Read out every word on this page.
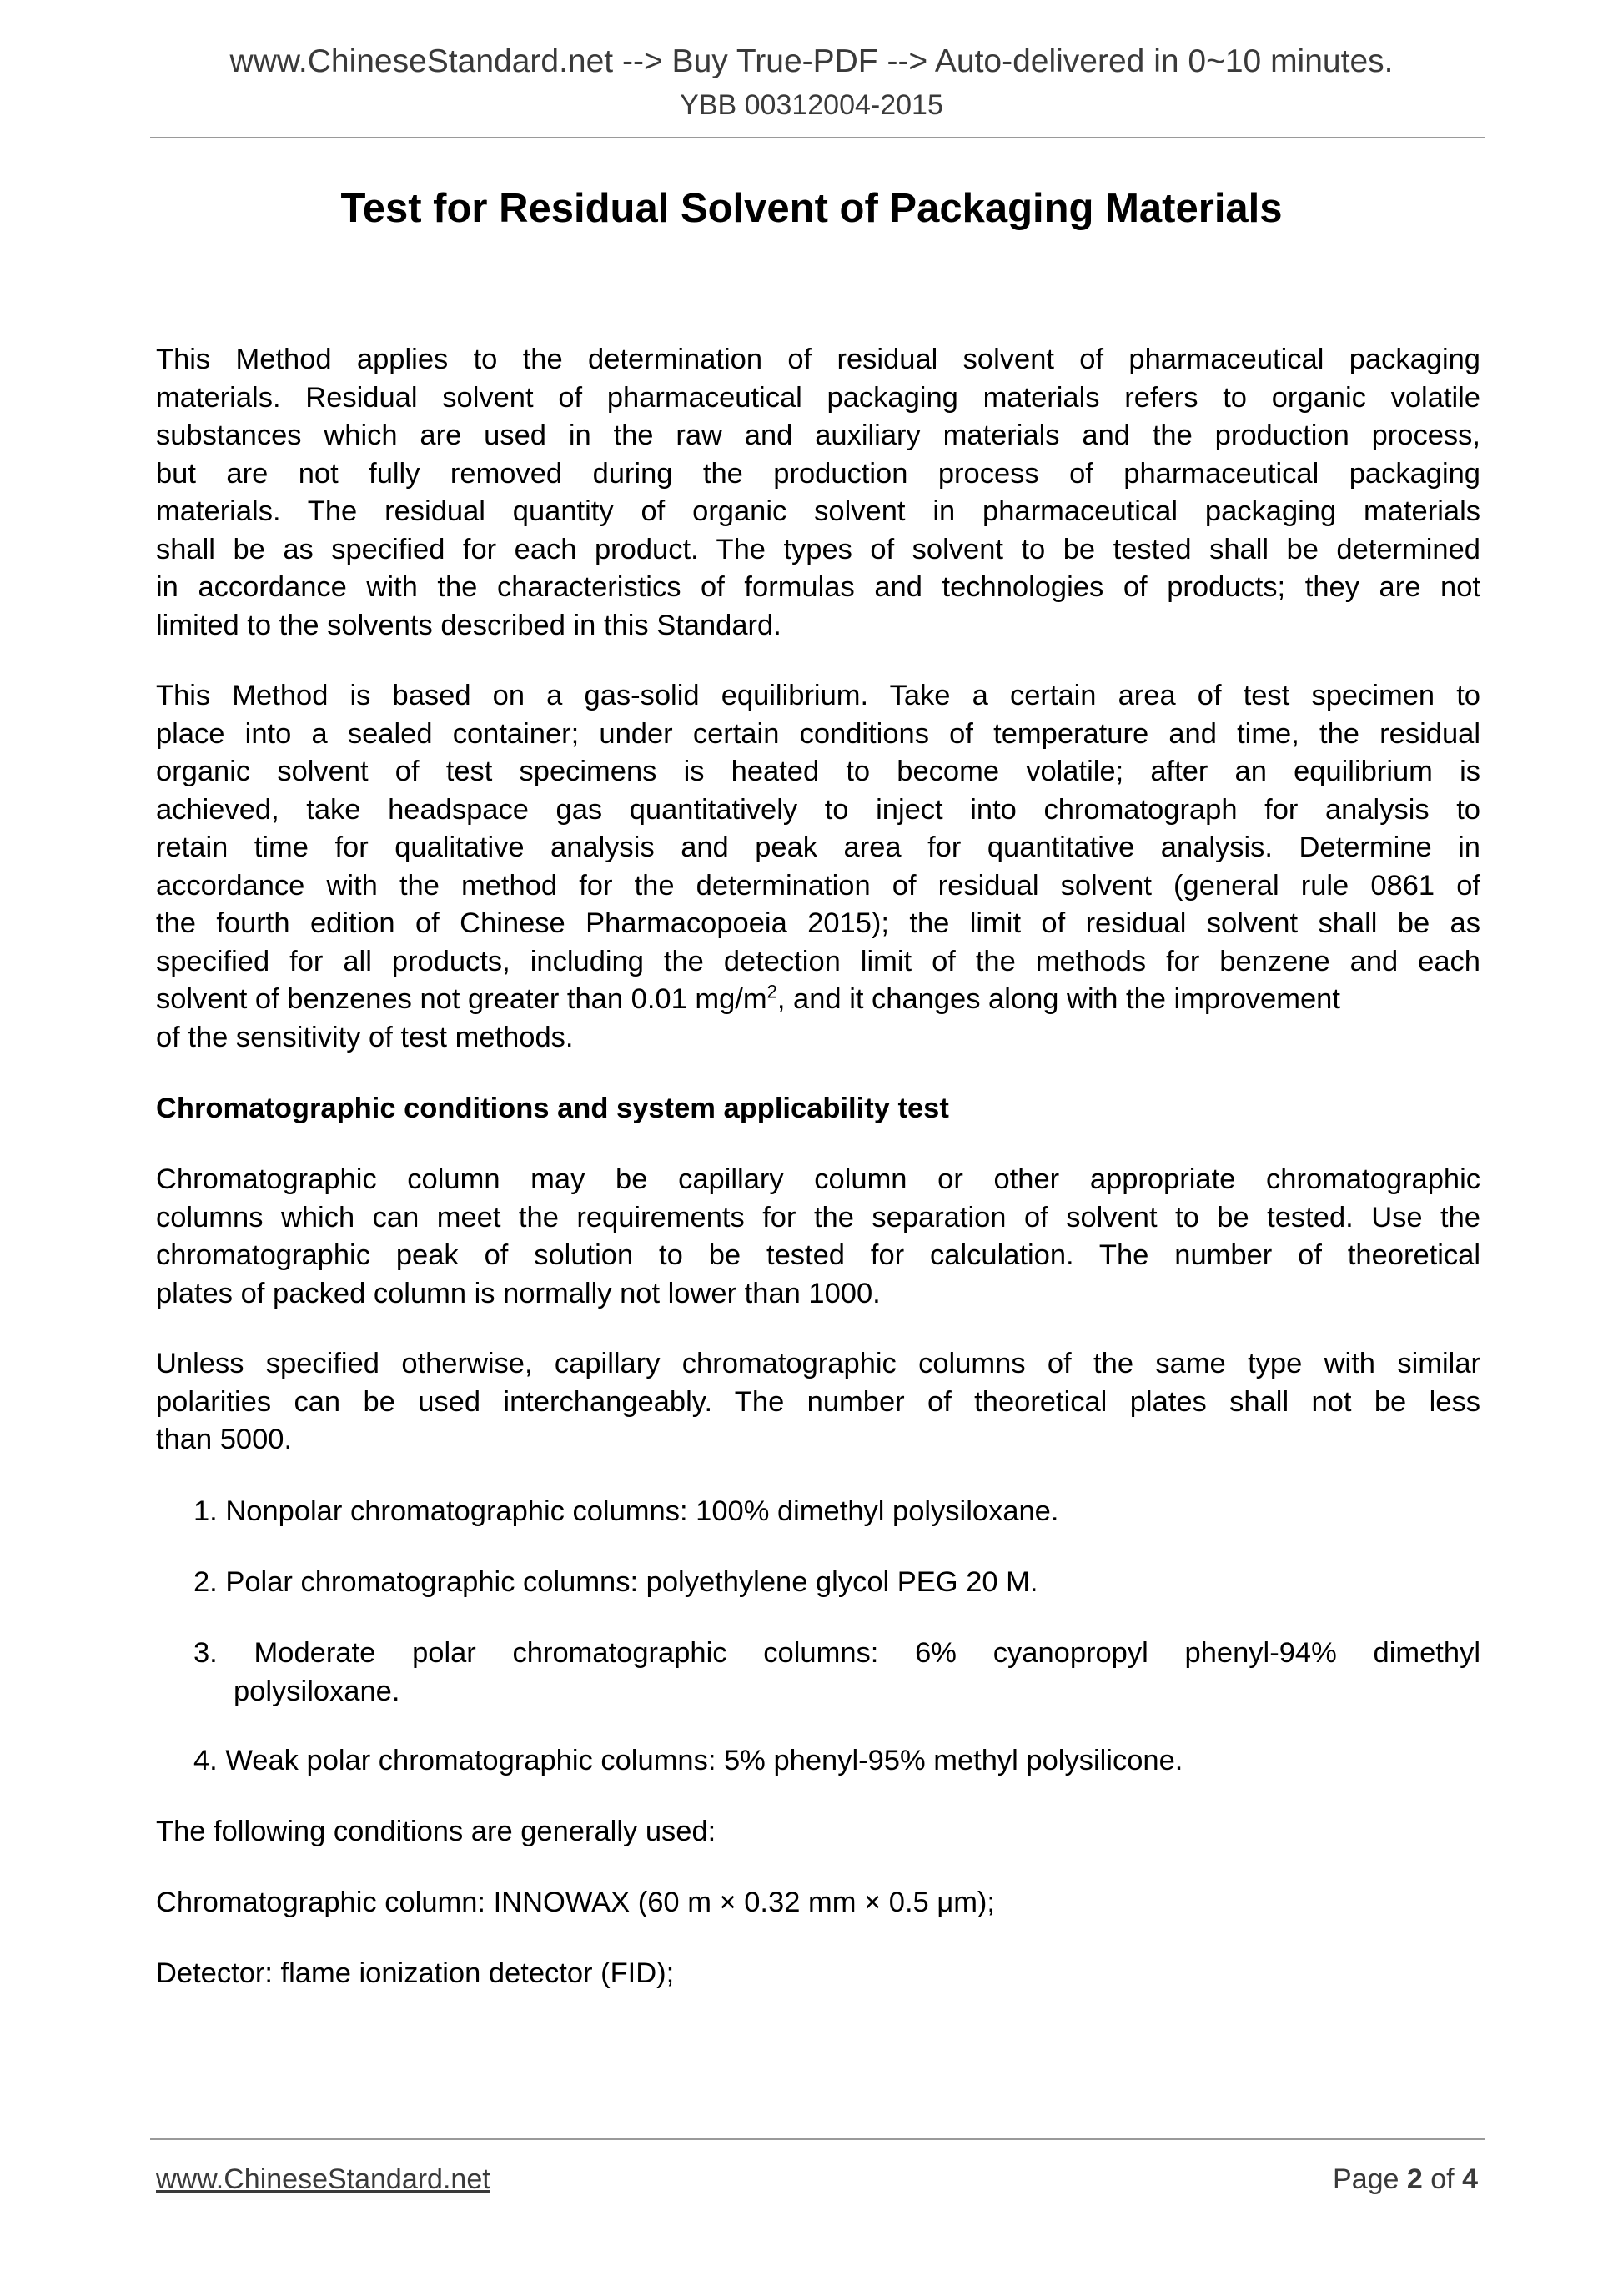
www.ChineseStandard.net --> Buy True-PDF --> Auto-delivered in 0~10 minutes.
YBB 00312004-2015
Test for Residual Solvent of Packaging Materials
This Method applies to the determination of residual solvent of pharmaceutical packaging
materials. Residual solvent of pharmaceutical packaging materials refers to organic volatile
substances which are used in the raw and auxiliary materials and the production process,
but are not fully removed during the production process of pharmaceutical packaging
materials. The residual quantity of organic solvent in pharmaceutical packaging materials
shall be as specified for each product. The types of solvent to be tested shall be determined
in accordance with the characteristics of formulas and technologies of products; they are not
limited to the solvents described in this Standard.
This Method is based on a gas-solid equilibrium. Take a certain area of test specimen to
place into a sealed container; under certain conditions of temperature and time, the residual
organic solvent of test specimens is heated to become volatile; after an equilibrium is
achieved, take headspace gas quantitatively to inject into chromatograph for analysis to
retain time for qualitative analysis and peak area for quantitative analysis. Determine in
accordance with the method for the determination of residual solvent (general rule 0861 of
the fourth edition of Chinese Pharmacopoeia 2015); the limit of residual solvent shall be as
specified for all products, including the detection limit of the methods for benzene and each
solvent of benzenes not greater than 0.01 $mg/m^2$, and it changes along with the improvement
of the sensitivity of test methods.
Chromatographic conditions and system applicability test
Chromatographic column may be capillary column or other appropriate chromatographic
columns which can meet the requirements for the separation of solvent to be tested. Use the
chromatographic peak of solution to be tested for calculation. The number of theoretical
plates of packed column is normally not lower than 1000.
Unless specified otherwise, capillary chromatographic columns of the same type with similar
polarities can be used interchangeably. The number of theoretical plates shall not be less
than 5000.
1. Nonpolar chromatographic columns: 100% dimethyl polysiloxane.
2. Polar chromatographic columns: polyethylene glycol PEG 20 M.
3. Moderate polar chromatographic columns: 6% cyanopropyl phenyl-94% dimethyl
polysiloxane.
4. Weak polar chromatographic columns: 5% phenyl-95% methyl polysilicone.
The following conditions are generally used:
Chromatographic column: INNOWAX (60 m × 0.32 mm × 0.5 μm);
Detector: flame ionization detector (FID);
www.ChineseStandard.net	Page 2 of 4
